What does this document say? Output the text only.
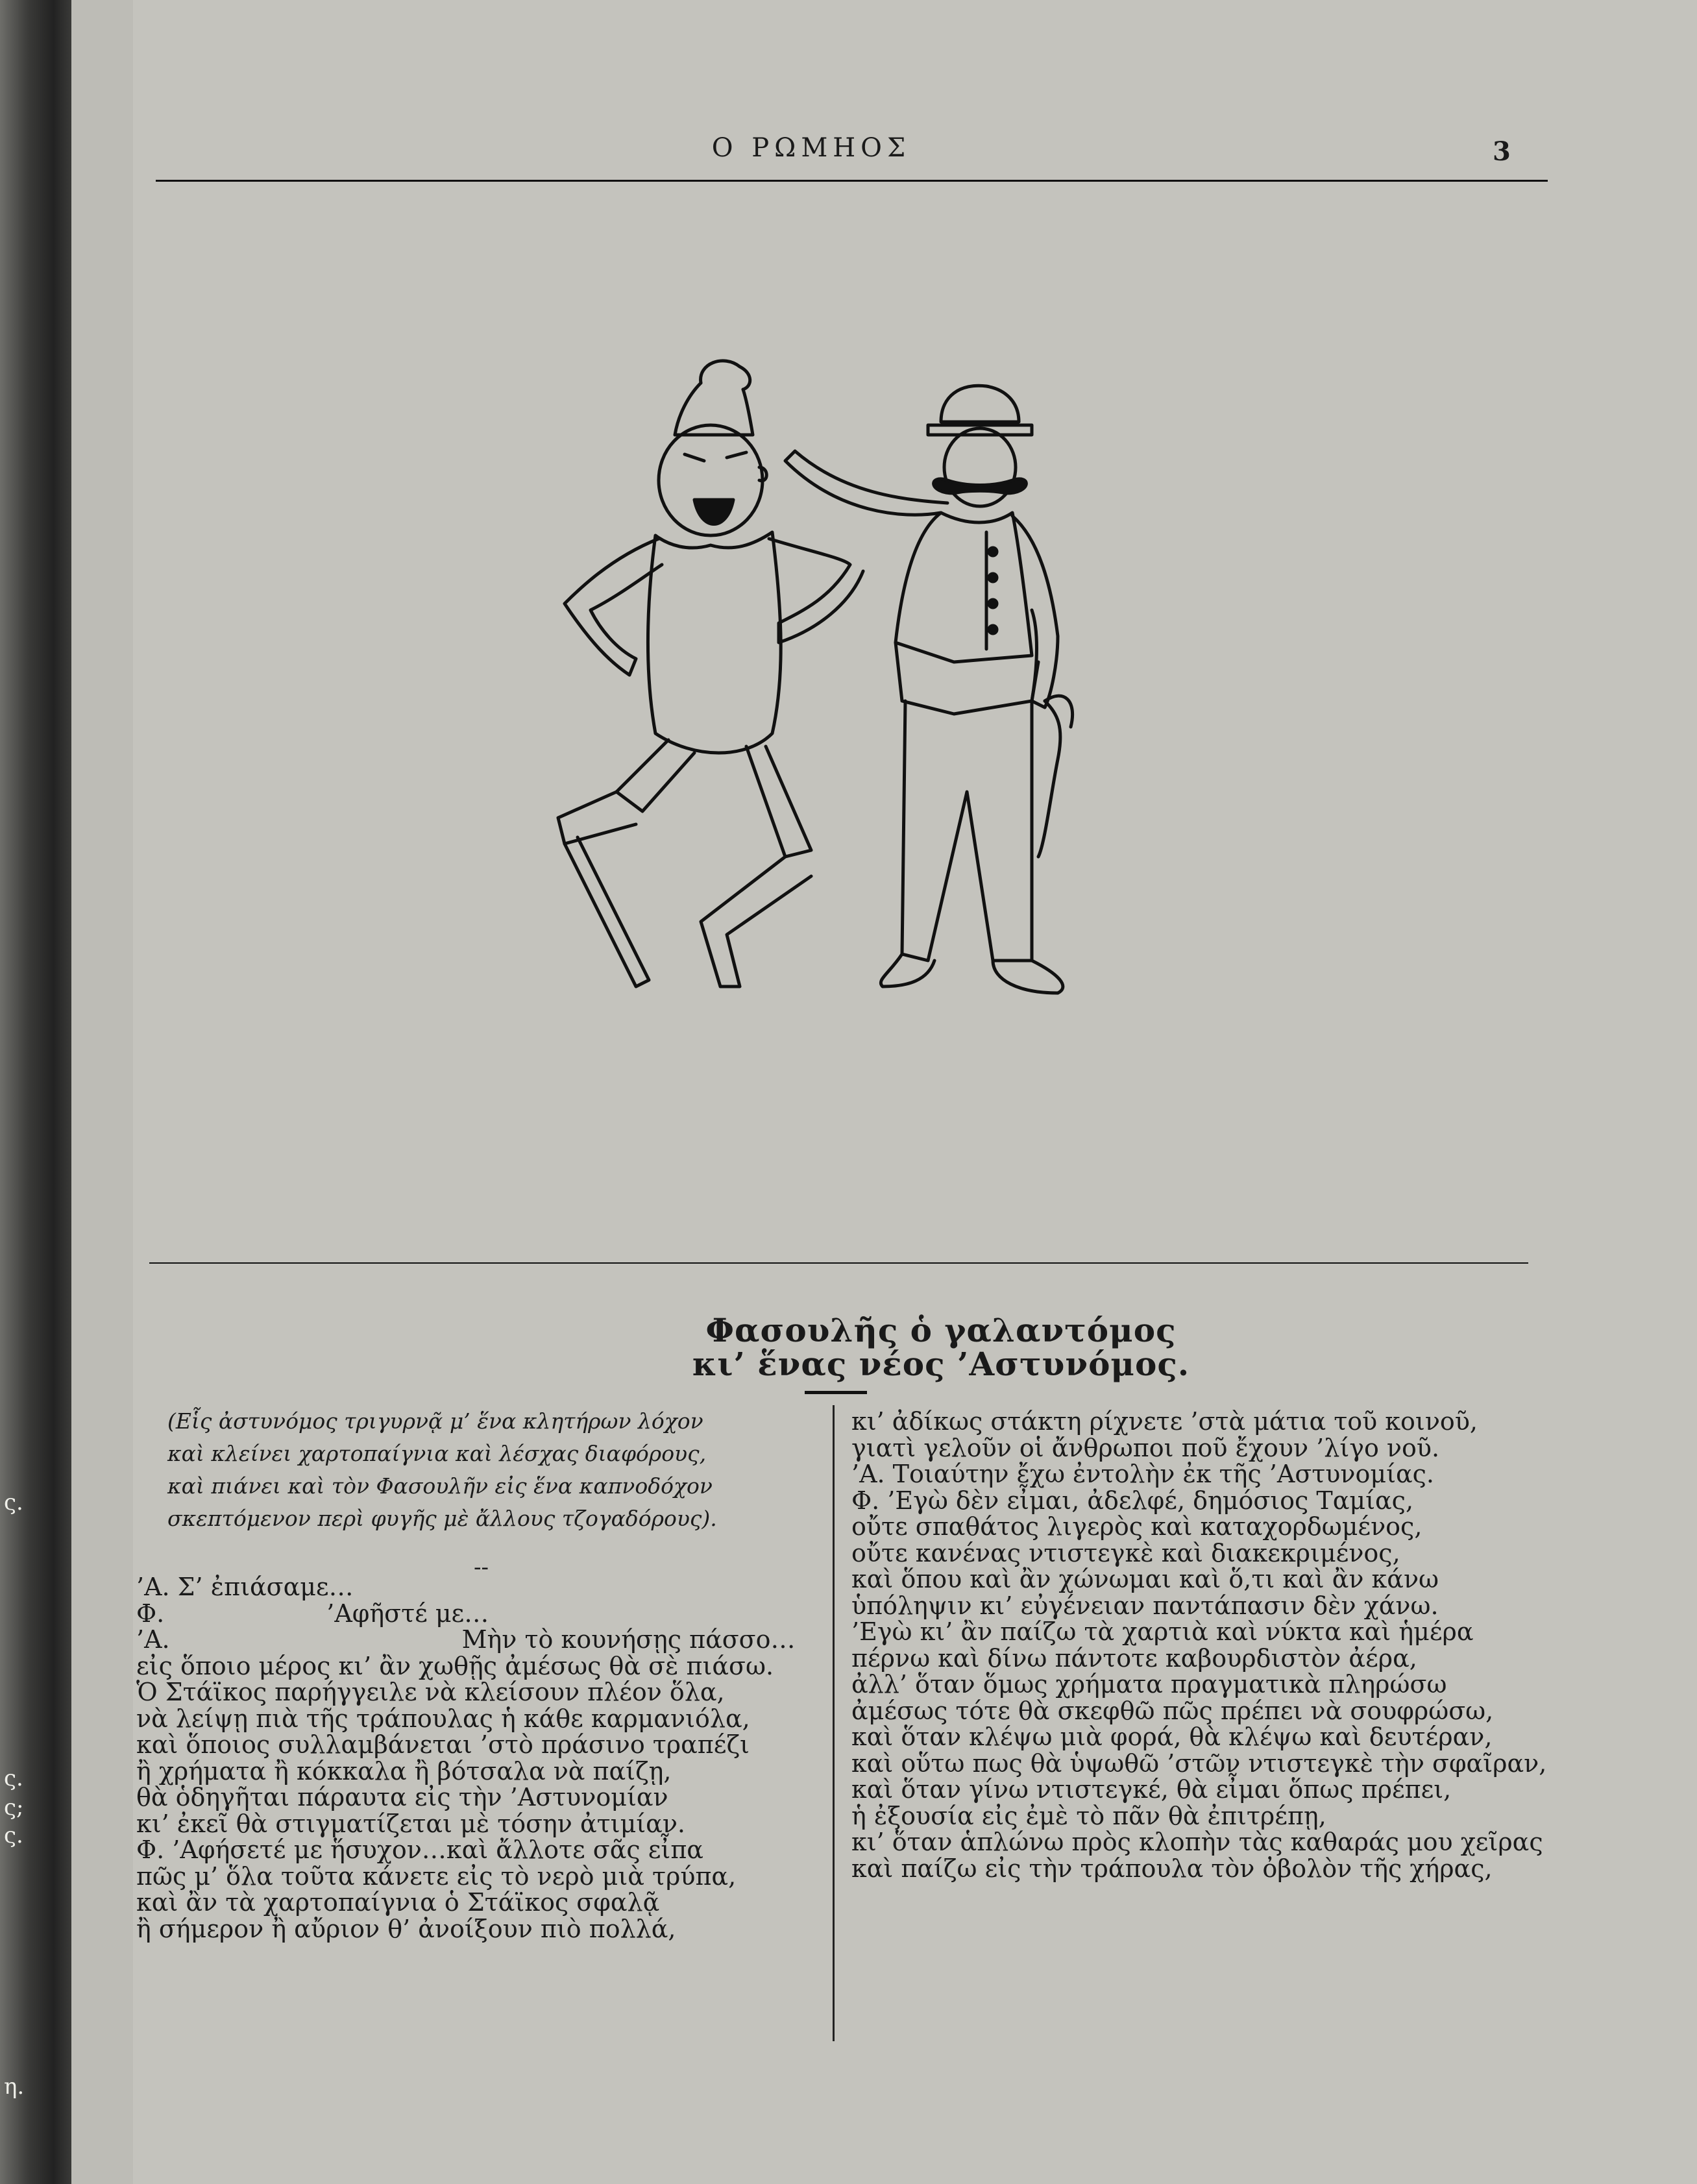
ς.
ς.
ς;
ς.
η.
Ο ΡΩΜΗΟΣ	3
Φασουλῆς ὁ γαλαντόμος
κι’ ἕνας νέος ’Αστυνόμος.
(Εἷς ἀστυνόμος τριγυρνᾷ μ’ ἕνα κλητήρων λόχον
καὶ κλείνει χαρτοπαίγνια καὶ λέσχας διαφόρους,
καὶ πιάνει καὶ τὸν Φασουλῆν εἰς ἕνα καπνοδόχον
σκεπτόμενον περὶ φυγῆς μὲ ἄλλους τζογαδόρους).
--
’Α. Σ’ ἐπιάσαμε…
Φ.	’Αφῆστέ με…
’Α.	Μὴν τὸ κουνήσῃς πάσσο…
εἰς ὅποιο μέρος κι’ ἂν χωθῇς ἀμέσως θὰ σὲ πιάσω.
Ὁ Στάϊκος παρήγγειλε νὰ κλείσουν πλέον ὅλα,
νὰ λείψῃ πιὰ τῆς τράπουλας ἡ κάθε καρμανιόλα,
καὶ ὅποιος συλλαμβάνεται ’στὸ πράσινο τραπέζι
ἢ χρήματα ἢ κόκκαλα ἢ βότσαλα νὰ παίζῃ,
θὰ ὁδηγῆται πάραυτα εἰς τὴν ’Αστυνομίαν
κι’ ἐκεῖ θὰ στιγματίζεται μὲ τόσην ἀτιμίαν.
Φ. ’Αφήσετέ με ἥσυχον…καὶ ἄλλοτε σᾶς εἶπα
πῶς μ’ ὅλα τοῦτα κάνετε εἰς τὸ νερὸ μιὰ τρύπα,
καὶ ἂν τὰ χαρτοπαίγνια ὁ Στάϊκος σφαλᾷ
ἢ σήμερον ἢ αὔριον θ’ ἀνοίξουν πιὸ πολλά,
κι’ ἀδίκως στάκτη ρίχνετε ’στὰ μάτια τοῦ κοινοῦ,
γιατὶ γελοῦν οἱ ἄνθρωποι ποῦ ἔχουν ’λίγο νοῦ.
’Α. Τοιαύτην ἔχω ἐντολὴν ἐκ τῆς ’Αστυνομίας.
Φ. ’Εγὼ δὲν εἶμαι, ἀδελφέ, δημόσιος Ταμίας,
οὔτε σπαθάτος λιγερὸς καὶ καταχορδωμένος,
οὔτε κανένας ντιστεγκὲ καὶ διακεκριμένος,
καὶ ὅπου καὶ ἂν χώνωμαι καὶ ὅ,τι καὶ ἂν κάνω
ὑπόληψιν κι’ εὐγένειαν παντάπασιν δὲν χάνω.
’Εγὼ κι’ ἂν παίζω τὰ χαρτιὰ καὶ νύκτα καὶ ἡμέρα
πέρνω καὶ δίνω πάντοτε καβουρδιστὸν ἀέρα,
ἀλλ’ ὅταν ὅμως χρήματα πραγματικὰ πληρώσω
ἀμέσως τότε θὰ σκεφθῶ πῶς πρέπει νὰ σουφρώσω,
καὶ ὅταν κλέψω μιὰ φορά, θὰ κλέψω καὶ δευτέραν,
καὶ οὕτω πως θὰ ὑψωθῶ ’στῶν ντιστεγκὲ τὴν σφαῖραν,
καὶ ὅταν γίνω ντιστεγκέ, θὰ εἶμαι ὅπως πρέπει,
ἡ ἐξουσία εἰς ἐμὲ τὸ πᾶν θὰ ἐπιτρέπῃ,
κι’ ὅταν ἁπλώνω πρὸς κλοπὴν τὰς καθαράς μου χεῖρας
καὶ παίζω εἰς τὴν τράπουλα τὸν ὀβολὸν τῆς χήρας,
